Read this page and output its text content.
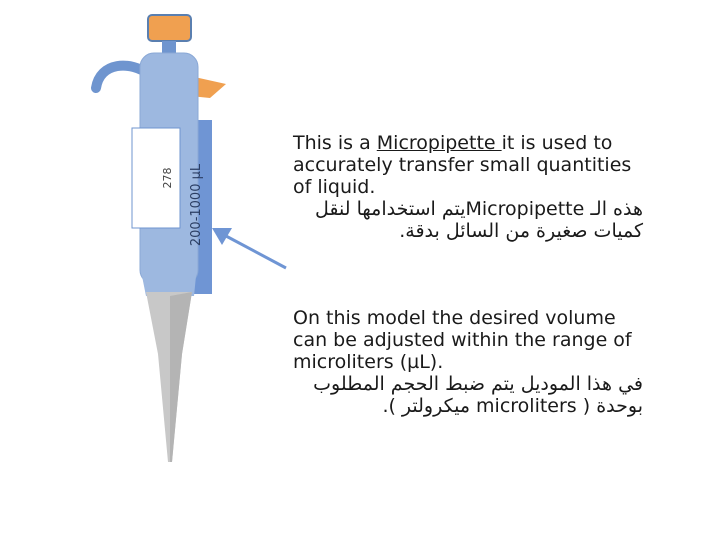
278 200-1000 µL
This is a Micropipette it is used to
accurately transfer small quantities
of liquid.
هذه الـ Micropipetteيتم استخدامها لنقل
كميات صغيرة من السائل بدقة.
On this model the desired volume
can be adjusted within the range of
microliters (µL).
في هذا الموديل يتم ضبط الحجم المطلوب
بوحدة ( microliters ميكرولتر ).
